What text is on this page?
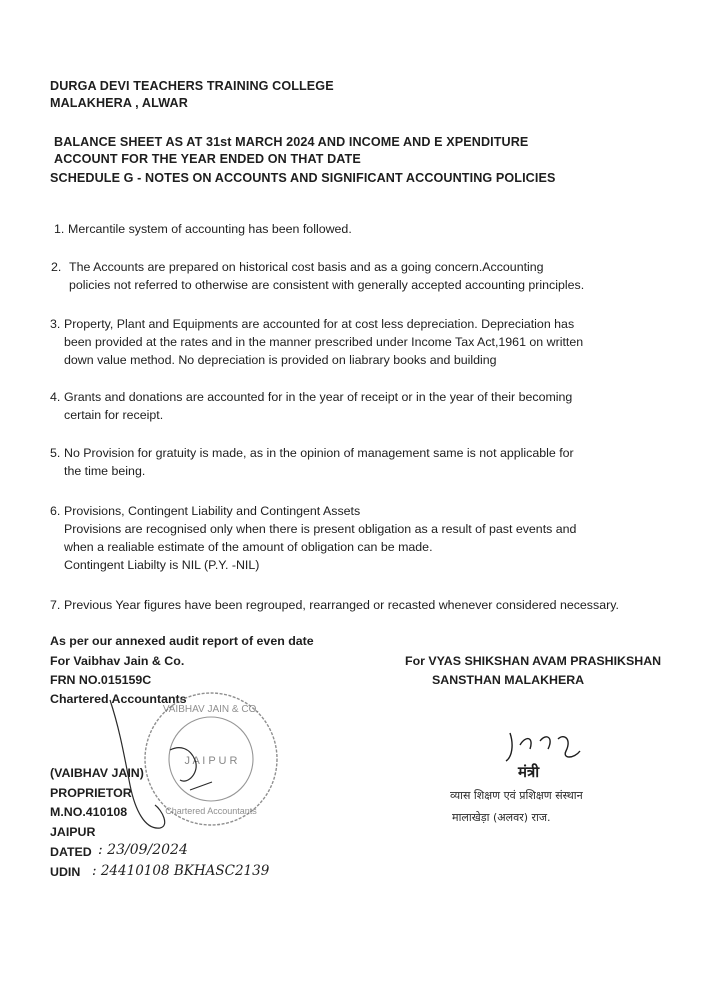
DURGA DEVI TEACHERS TRAINING COLLEGE
MALAKHERA , ALWAR
BALANCE SHEET AS AT 31st MARCH 2024 AND INCOME AND E XPENDITURE
ACCOUNT FOR THE YEAR ENDED ON THAT DATE
SCHEDULE G - NOTES ON ACCOUNTS AND SIGNIFICANT ACCOUNTING POLICIES
1. Mercantile system of accounting has been followed.
2. The Accounts are prepared on historical cost basis and as a going concern.Accounting
policies not referred to otherwise are consistent with generally accepted accounting principles.
3. Property, Plant and Equipments are accounted for at cost less depreciation. Depreciation has
been provided at the rates and in the manner prescribed under Income Tax Act,1961 on written
down value method. No depreciation is provided on liabrary books and building
4. Grants and donations are accounted for in the year of receipt or in the year of their becoming
certain for receipt.
5. No Provision for gratuity is made, as in the opinion of management same is not applicable for
the time being.
6. Provisions, Contingent Liability and Contingent Assets
Provisions are recognised only when there is present obligation as a result of past events and
when a realiable estimate of the amount of obligation can be made.
Contingent Liabilty is NIL (P.Y. -NIL)
7. Previous Year figures have been regrouped, rearranged or recasted whenever considered necessary.
As per our annexed audit report of even date
For Vaibhav Jain & Co.
FRN NO.015159C
Chartered Accountants
(VAIBHAV JAIN)
PROPRIETOR
M.NO.410108
JAIPUR
DATED : 23/09/2024
UDIN : 24410108 BKHASC2139
J A I P U R
VAIBHAV JAIN & CO.
Chartered Accountants
For VYAS SHIKSHAN AVAM PRASHIKSHAN
SANSTHAN MALAKHERA
मंत्री
व्यास शिक्षण एवं प्रशिक्षण संस्थान
मालाखेड़ा (अलवर) राज.
